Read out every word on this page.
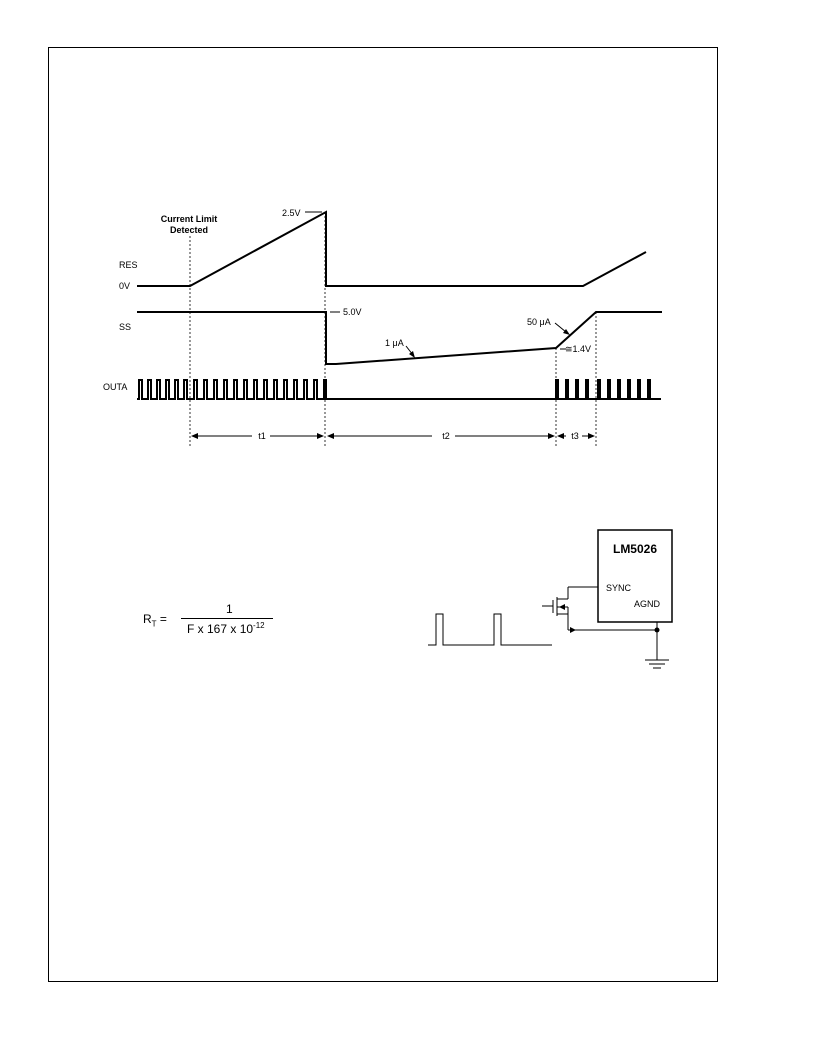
Current Limit
Detected
RES
0V
2.5V
SS
5.0V
1 μA
50 μA
≅1.4V
OUTA
t1	t2	t3
LM5026
SYNC
AGND
$R_T$ =
1
F x 167 x $10^{-12}$
